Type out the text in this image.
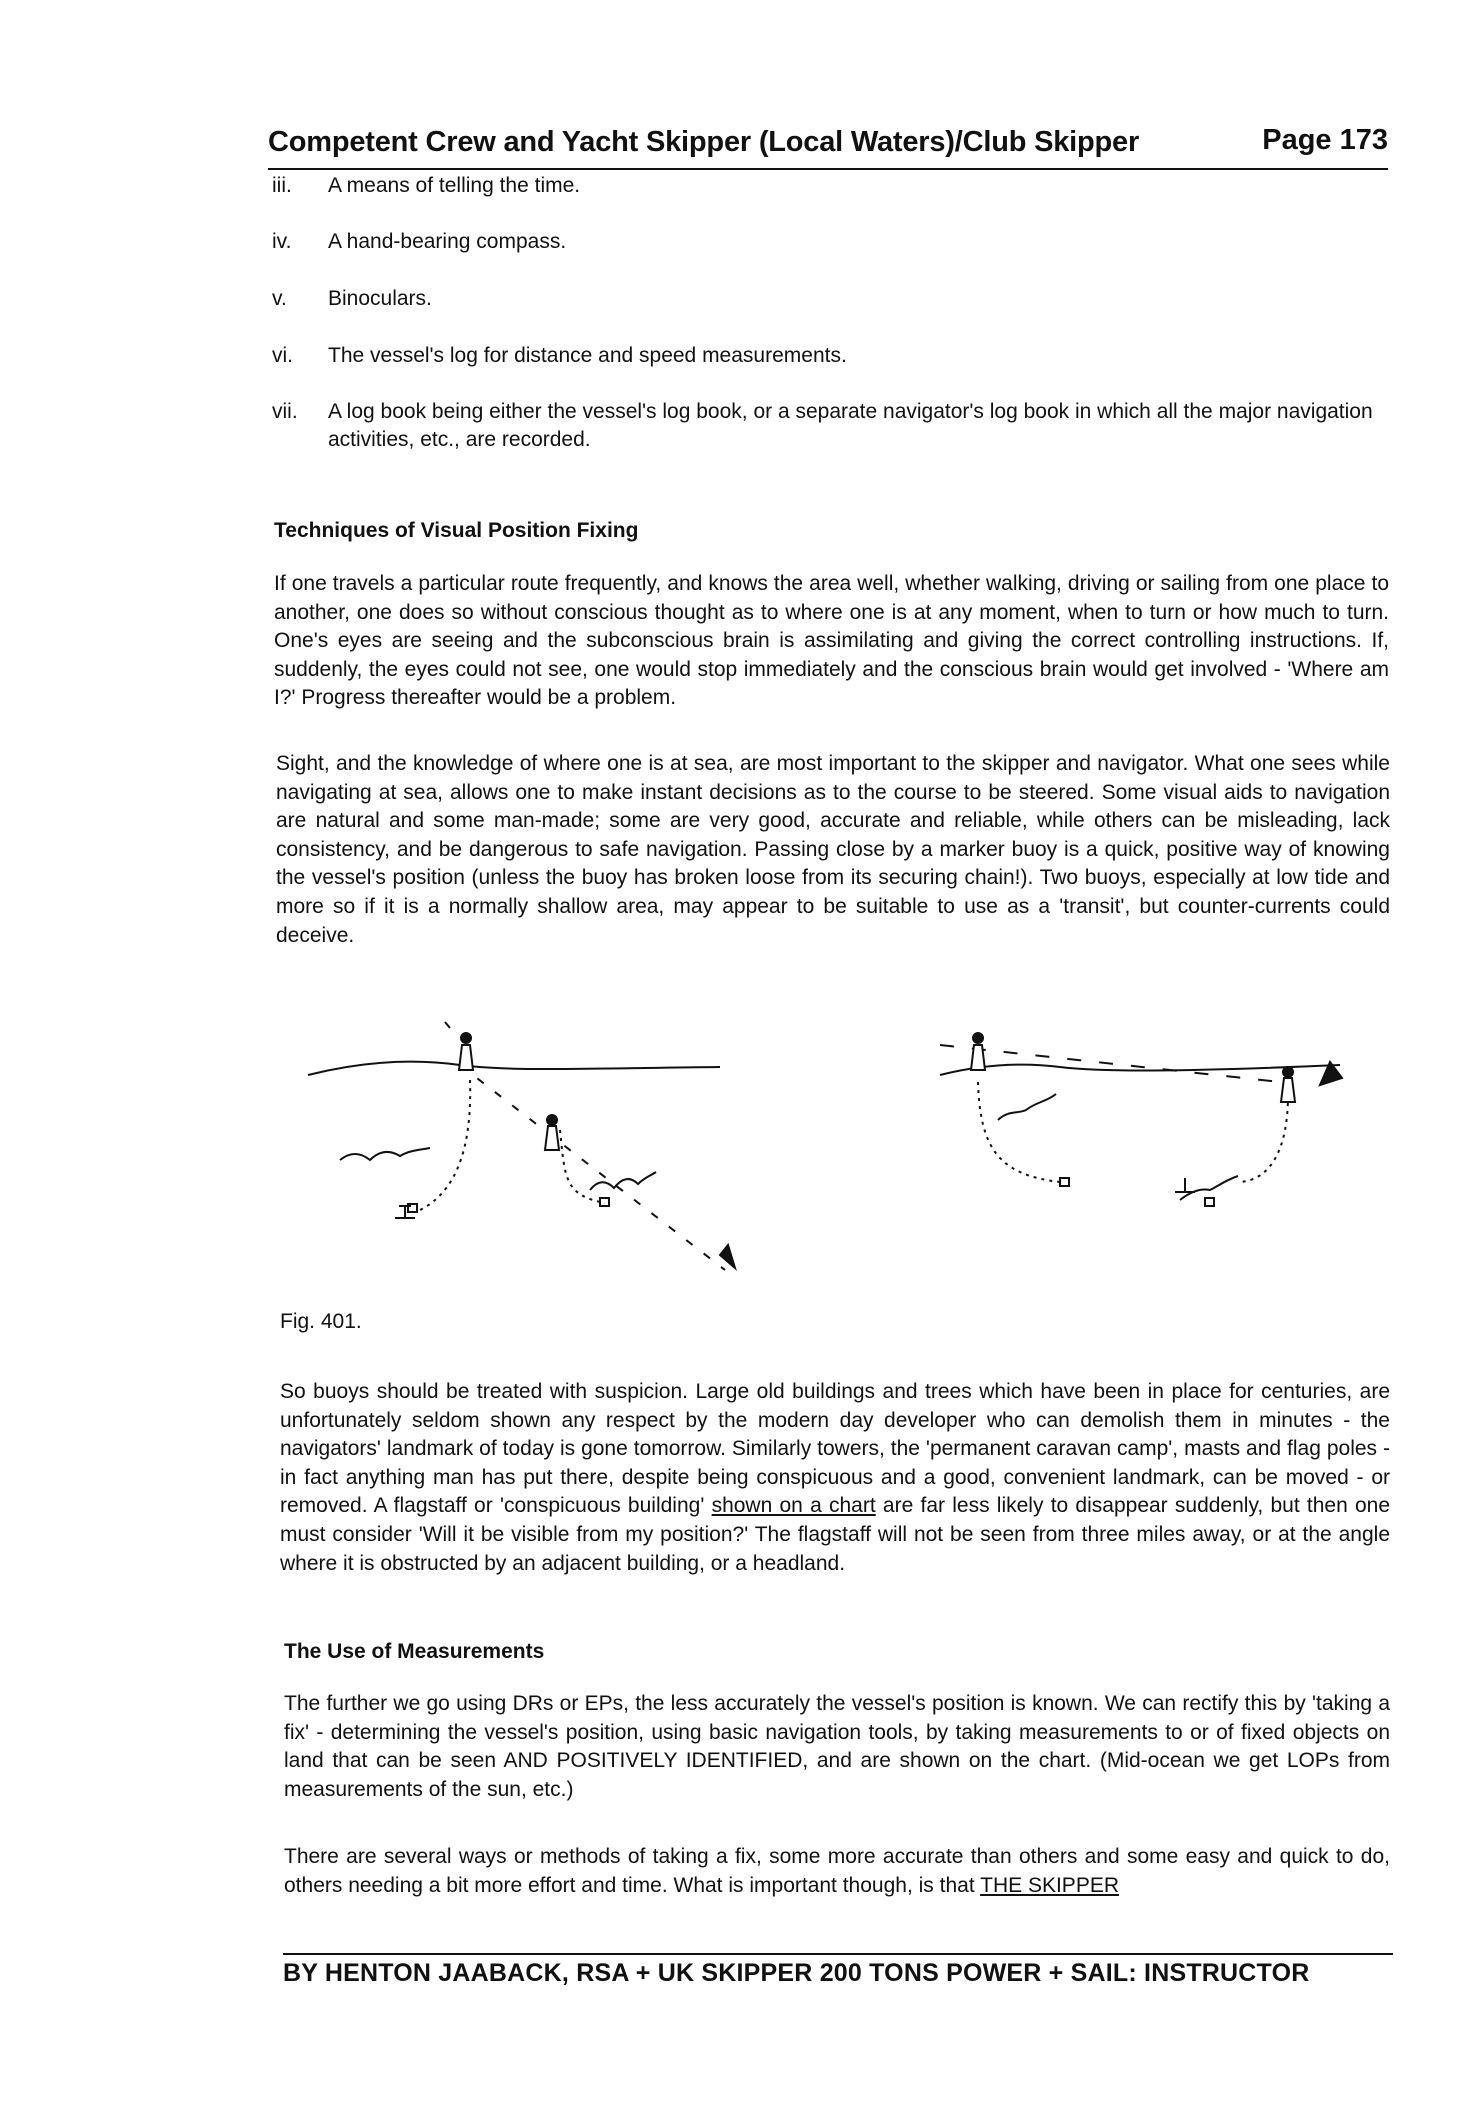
Competent Crew and Yacht Skipper (Local Waters)/Club Skipper	Page 173
iii.	A means of telling the time.
iv.	A hand-bearing compass.
v.	Binoculars.
vi.	The vessel's log for distance and speed measurements.
vii.	A log book being either the vessel's log book, or a separate navigator's log book in which all the major navigation activities, etc., are recorded.
Techniques of Visual Position Fixing
If one travels a particular route frequently, and knows the area well, whether walking, driving or sailing from one place to another, one does so without conscious thought as to where one is at any moment, when to turn or how much to turn. One's eyes are seeing and the subconscious brain is assimilating and giving the correct controlling instructions. If, suddenly, the eyes could not see, one would stop immediately and the conscious brain would get involved - 'Where am I?' Progress thereafter would be a problem.
Sight, and the knowledge of where one is at sea, are most important to the skipper and navigator. What one sees while navigating at sea, allows one to make instant decisions as to the course to be steered. Some visual aids to navigation are natural and some man-made; some are very good, accurate and reliable, while others can be misleading, lack consistency, and be dangerous to safe navigation. Passing close by a marker buoy is a quick, positive way of knowing the vessel's position (unless the buoy has broken loose from its securing chain!). Two buoys, especially at low tide and more so if it is a normally shallow area, may appear to be suitable to use as a 'transit', but counter-currents could deceive.
Fig. 401.
So buoys should be treated with suspicion. Large old buildings and trees which have been in place for centuries, are unfortunately seldom shown any respect by the modern day developer who can demolish them in minutes - the navigators' landmark of today is gone tomorrow. Similarly towers, the 'permanent caravan camp', masts and flag poles - in fact anything man has put there, despite being conspicuous and a good, convenient landmark, can be moved - or removed. A flagstaff or 'conspicuous building' shown on a chart are far less likely to disappear suddenly, but then one must consider 'Will it be visible from my position?' The flagstaff will not be seen from three miles away, or at the angle where it is obstructed by an adjacent building, or a headland.
The Use of Measurements
The further we go using DRs or EPs, the less accurately the vessel's position is known. We can rectify this by 'taking a fix' - determining the vessel's position, using basic navigation tools, by taking measurements to or of fixed objects on land that can be seen AND POSITIVELY IDENTIFIED, and are shown on the chart. (Mid-ocean we get LOPs from measurements of the sun, etc.)
There are several ways or methods of taking a fix, some more accurate than others and some easy and quick to do, others needing a bit more effort and time. What is important though, is that THE SKIPPER
BY HENTON JAABACK, RSA + UK SKIPPER 200 TONS POWER + SAIL: INSTRUCTOR
